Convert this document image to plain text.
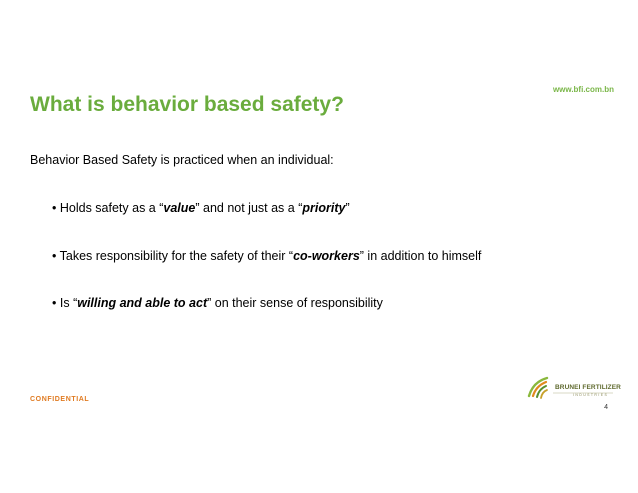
www.bfi.com.bn
What is behavior based safety?
Behavior Based Safety is practiced when an individual:
• Holds safety as a “value” and not just as a “priority”
• Takes responsibility for the safety of their “co-workers” in addition to himself
• Is “willing and able to act” on their sense of responsibility
CONFIDENTIAL
BRUNEI FERTILIZER
INDUSTRIES
4
